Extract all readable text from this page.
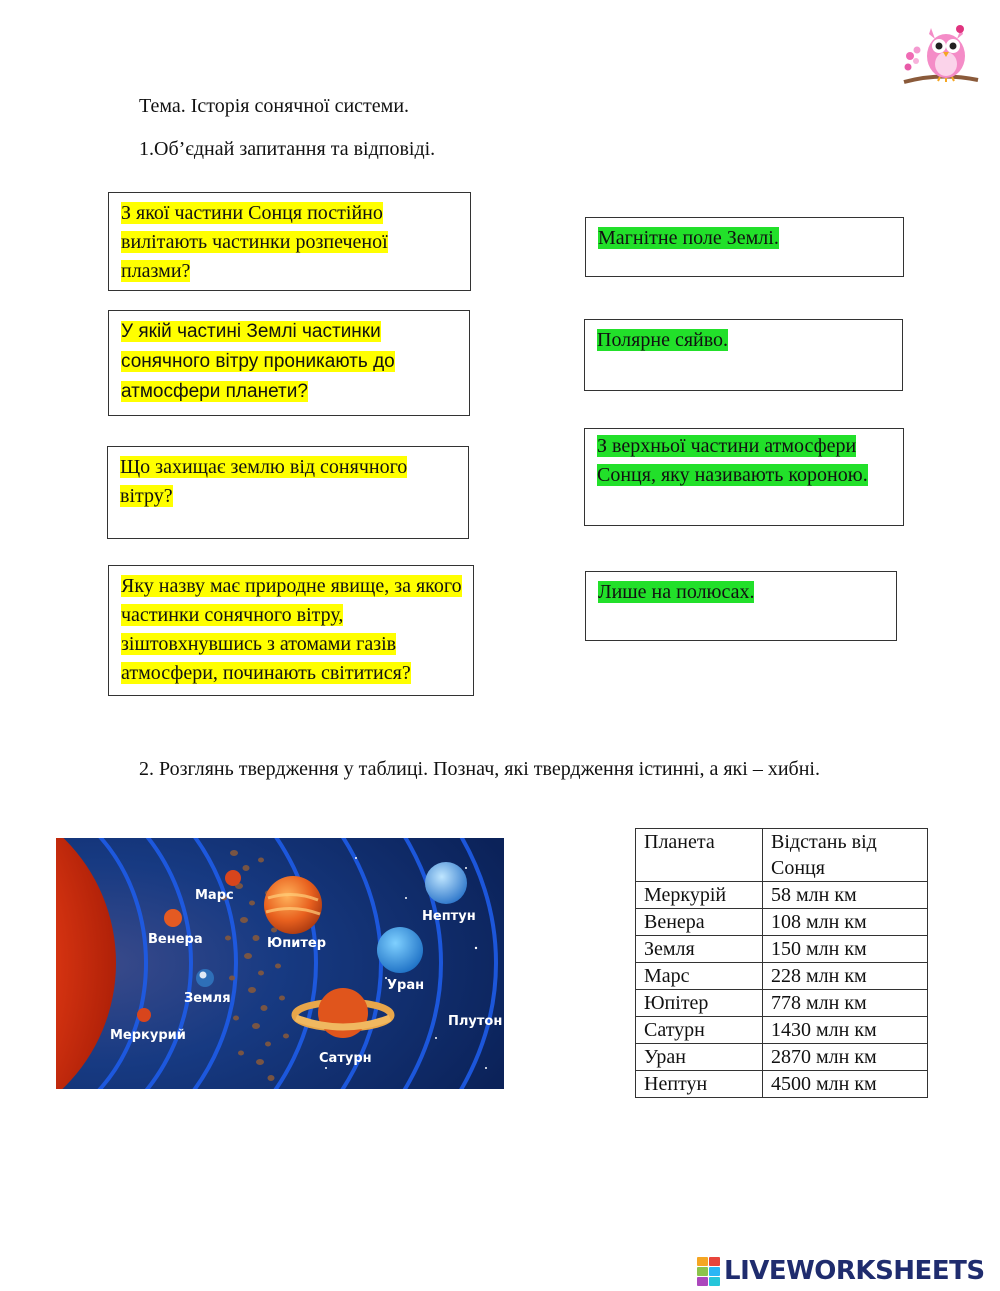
Тема. Історія сонячної системи.
1.Об’єднай запитання та відповіді.
З якої частини Сонця постійно вилітають частинки розпеченої плазми?
У якій частині Землі частинки сонячного вітру проникають до атмосфери планети?
Що захищає землю від сонячного вітру?
Яку назву має природне явище, за якого частинки сонячного вітру, зіштовхнувшись з атомами газів атмосфери, починають світитися?
Магнітне поле Землі.
Полярне сяйво.
З верхньої частини атмосфери Сонця, яку називають короною.
Лише на полюсах.
2. Розглянь твердження у таблиці. Познач, які твердження істинні, а які – хибні.
Меркурий
Венера
Земля
Марс
Юпитер
Сатурн
Уран
Нептун
Плутон
Планета	Відстань від Сонця
Меркурій	58 млн км
Венера	108 млн км
Земля	150 млн км
Марс	228 млн км
Юпітер	778 млн км
Сатурн	1430 млн км
Уран	2870 млн км
Нептун	4500 млн км
LIVEWORKSHEETS
